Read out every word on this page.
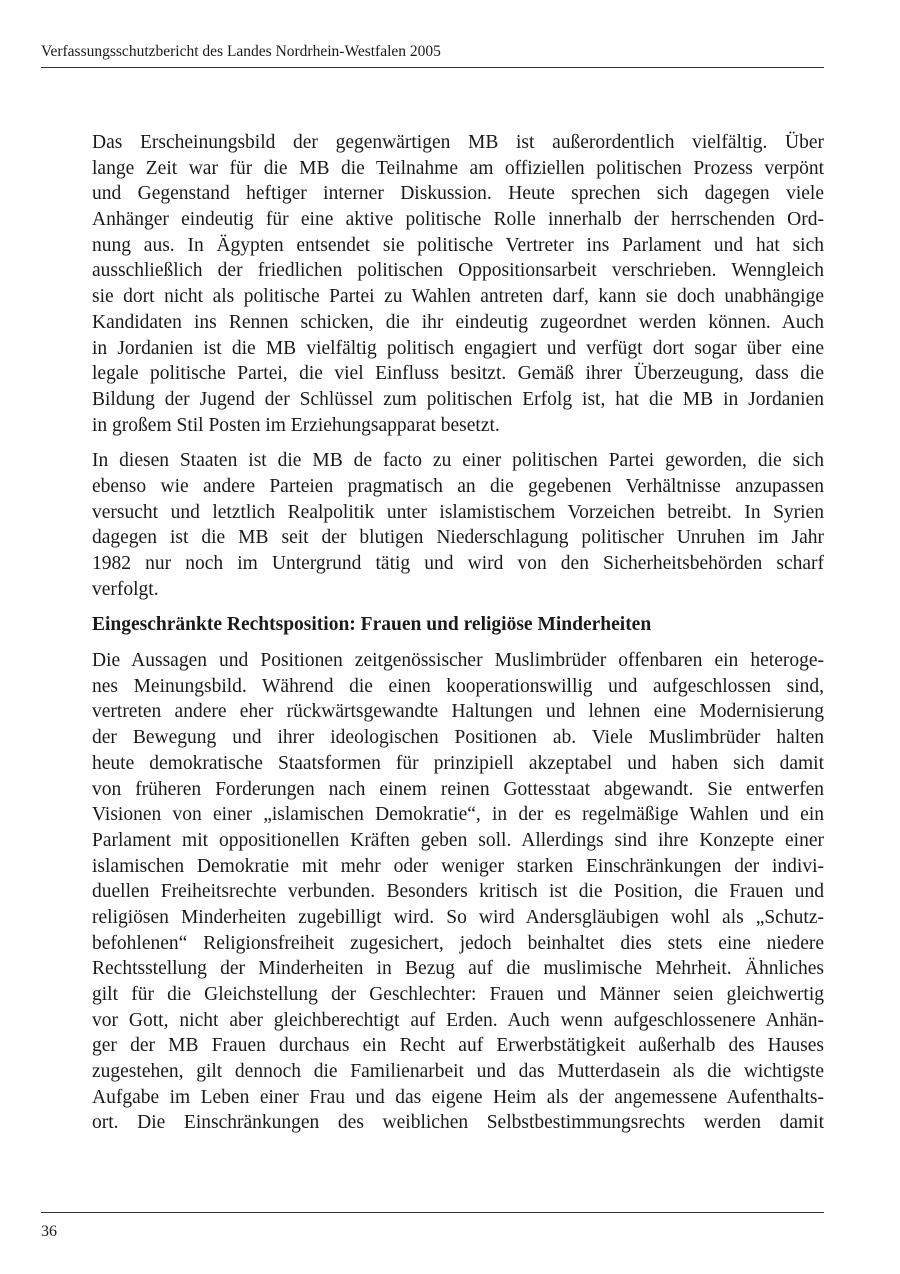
Verfassungsschutzbericht des Landes Nordrhein-Westfalen 2005
Das Erscheinungsbild der gegenwärtigen MB ist außerordentlich vielfältig. Über
lange Zeit war für die MB die Teilnahme am offiziellen politischen Prozess verpönt
und Gegenstand heftiger interner Diskussion. Heute sprechen sich dagegen viele
Anhänger eindeutig für eine aktive politische Rolle innerhalb der herrschenden Ord-
nung aus. In Ägypten entsendet sie politische Vertreter ins Parlament und hat sich
ausschließlich der friedlichen politischen Oppositionsarbeit verschrieben. Wenngleich
sie dort nicht als politische Partei zu Wahlen antreten darf, kann sie doch unabhängige
Kandidaten ins Rennen schicken, die ihr eindeutig zugeordnet werden können. Auch
in Jordanien ist die MB vielfältig politisch engagiert und verfügt dort sogar über eine
legale politische Partei, die viel Einfluss besitzt. Gemäß ihrer Überzeugung, dass die
Bildung der Jugend der Schlüssel zum politischen Erfolg ist, hat die MB in Jordanien
in großem Stil Posten im Erziehungsapparat besetzt.
In diesen Staaten ist die MB de facto zu einer politischen Partei geworden, die sich
ebenso wie andere Parteien pragmatisch an die gegebenen Verhältnisse anzupassen
versucht und letztlich Realpolitik unter islamistischem Vorzeichen betreibt. In Syrien
dagegen ist die MB seit der blutigen Niederschlagung politischer Unruhen im Jahr
1982 nur noch im Untergrund tätig und wird von den Sicherheitsbehörden scharf
verfolgt.
Eingeschränkte Rechtsposition: Frauen und religiöse Minderheiten
Die Aussagen und Positionen zeitgenössischer Muslimbrüder offenbaren ein heteroge-
nes Meinungsbild. Während die einen kooperationswillig und aufgeschlossen sind,
vertreten andere eher rückwärtsgewandte Haltungen und lehnen eine Modernisierung
der Bewegung und ihrer ideologischen Positionen ab. Viele Muslimbrüder halten
heute demokratische Staatsformen für prinzipiell akzeptabel und haben sich damit
von früheren Forderungen nach einem reinen Gottesstaat abgewandt. Sie entwerfen
Visionen von einer „islamischen Demokratie“, in der es regelmäßige Wahlen und ein
Parlament mit oppositionellen Kräften geben soll. Allerdings sind ihre Konzepte einer
islamischen Demokratie mit mehr oder weniger starken Einschränkungen der indivi-
duellen Freiheitsrechte verbunden. Besonders kritisch ist die Position, die Frauen und
religiösen Minderheiten zugebilligt wird. So wird Andersgläubigen wohl als „Schutz-
befohlenen“ Religionsfreiheit zugesichert, jedoch beinhaltet dies stets eine niedere
Rechtsstellung der Minderheiten in Bezug auf die muslimische Mehrheit. Ähnliches
gilt für die Gleichstellung der Geschlechter: Frauen und Männer seien gleichwertig
vor Gott, nicht aber gleichberechtigt auf Erden. Auch wenn aufgeschlossenere Anhän-
ger der MB Frauen durchaus ein Recht auf Erwerbstätigkeit außerhalb des Hauses
zugestehen, gilt dennoch die Familienarbeit und das Mutterdasein als die wichtigste
Aufgabe im Leben einer Frau und das eigene Heim als der angemessene Aufenthalts-
ort. Die Einschränkungen des weiblichen Selbstbestimmungsrechts werden damit
36
